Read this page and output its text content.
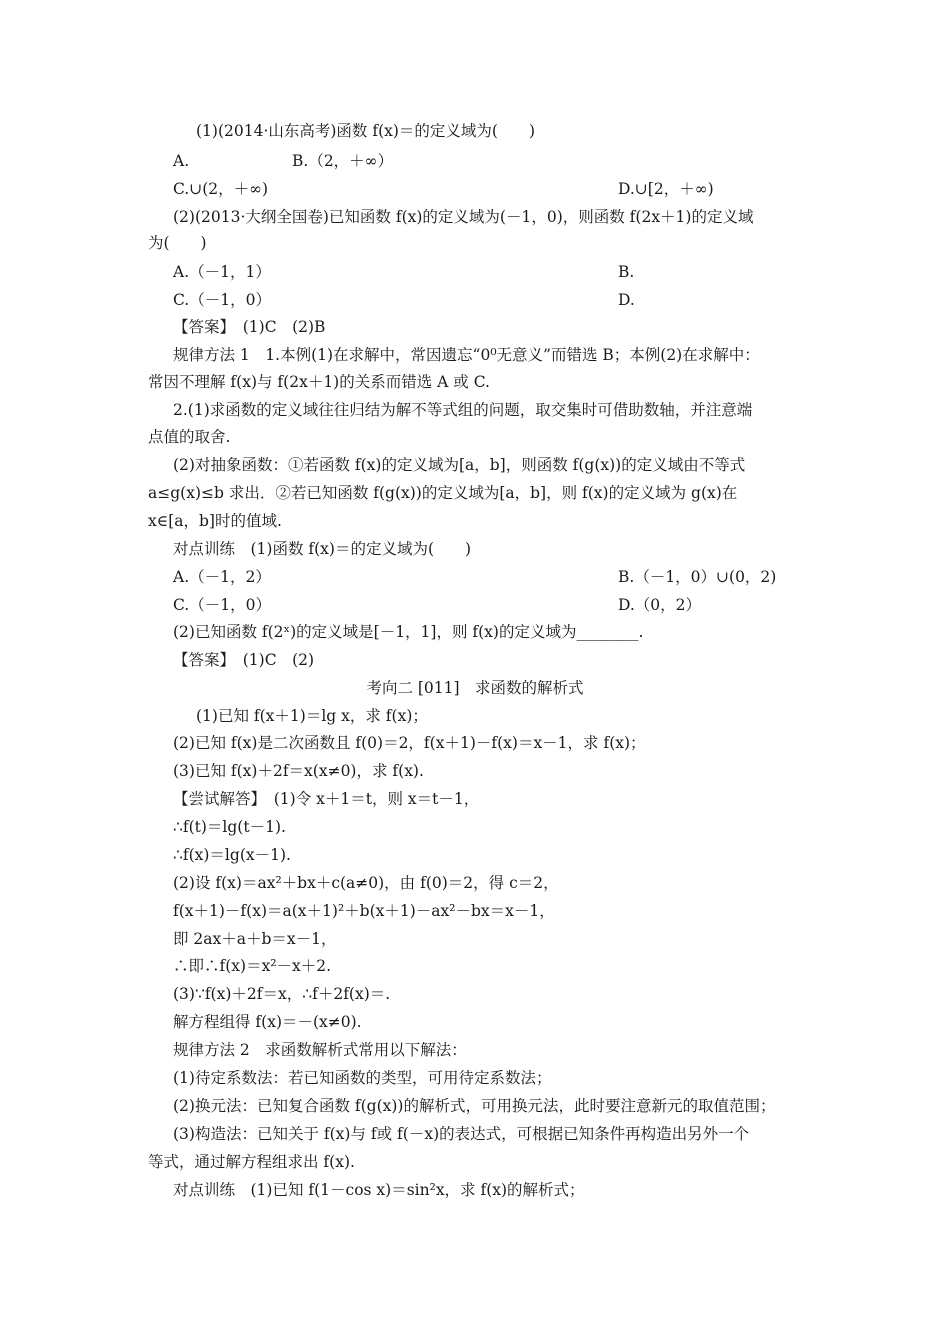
(1)(2014·山东高考)函数 f(x)＝的定义域为(　　)

A.	B.（2，＋∞）

C.∪(2，＋∞)	D.∪[2，＋∞)

(2)(2013·大纲全国卷)已知函数 f(x)的定义域为(－1，0)，则函数 f(2x＋1)的定义域

为(　　)

A.（－1，1）	B.

C.（－1，0）	D.

【答案】　(1)C　(2)B

规律方法 1　1.本例(1)在求解中，常因遗忘“0⁰无意义”而错选 B；本例(2)在求解中：

常因不理解 f(x)与 f(2x＋1)的关系而错选 A 或 C.

2.(1)求函数的定义域往往归结为解不等式组的问题，取交集时可借助数轴，并注意端

点值的取舍.

(2)对抽象函数：①若函数 f(x)的定义域为[a，b]，则函数 f(g(x))的定义域由不等式

a≤g(x)≤b 求出．②若已知函数 f(g(x))的定义域为[a，b]，则 f(x)的定义域为 g(x)在

x∈[a，b]时的值域.

对点训练　(1)函数 f(x)＝的定义域为(　　)

A.（－1，2）	B.（－1，0）∪(0，2)

C.（－1，0）	D.（0，2）

(2)已知函数 f(2ˣ)的定义域是[－1，1]，则 f(x)的定义域为________.

【答案】　(1)C　(2)

考向二 [011]　求函数的解析式

(1)已知 f(x＋1)＝lg x，求 f(x)；

(2)已知 f(x)是二次函数且 f(0)＝2，f(x＋1)－f(x)＝x－1，求 f(x)；

(3)已知 f(x)＋2f＝x(x≠0)，求 f(x).

【尝试解答】　(1)令 x＋1＝t，则 x＝t－1，

∴f(t)＝lg(t－1).

∴f(x)＝lg(x－1).

(2)设 f(x)＝ax²＋bx＋c(a≠0)，由 f(0)＝2，得 c＝2，

f(x＋1)－f(x)＝a(x＋1)²＋b(x＋1)－ax²－bx＝x－1，

即 2ax＋a＋b＝x－1，

∴即∴f(x)＝x²－x＋2.

(3)∵f(x)＋2f＝x，∴f＋2f(x)＝.

解方程组得 f(x)＝－(x≠0).

规律方法 2　求函数解析式常用以下解法：

(1)待定系数法：若已知函数的类型，可用待定系数法；

(2)换元法：已知复合函数 f(g(x))的解析式，可用换元法，此时要注意新元的取值范围；

(3)构造法：已知关于 f(x)与 f或 f(－x)的表达式，可根据已知条件再构造出另外一个

等式，通过解方程组求出 f(x).

对点训练　(1)已知 f(1－cos x)＝sin²x，求 f(x)的解析式；
